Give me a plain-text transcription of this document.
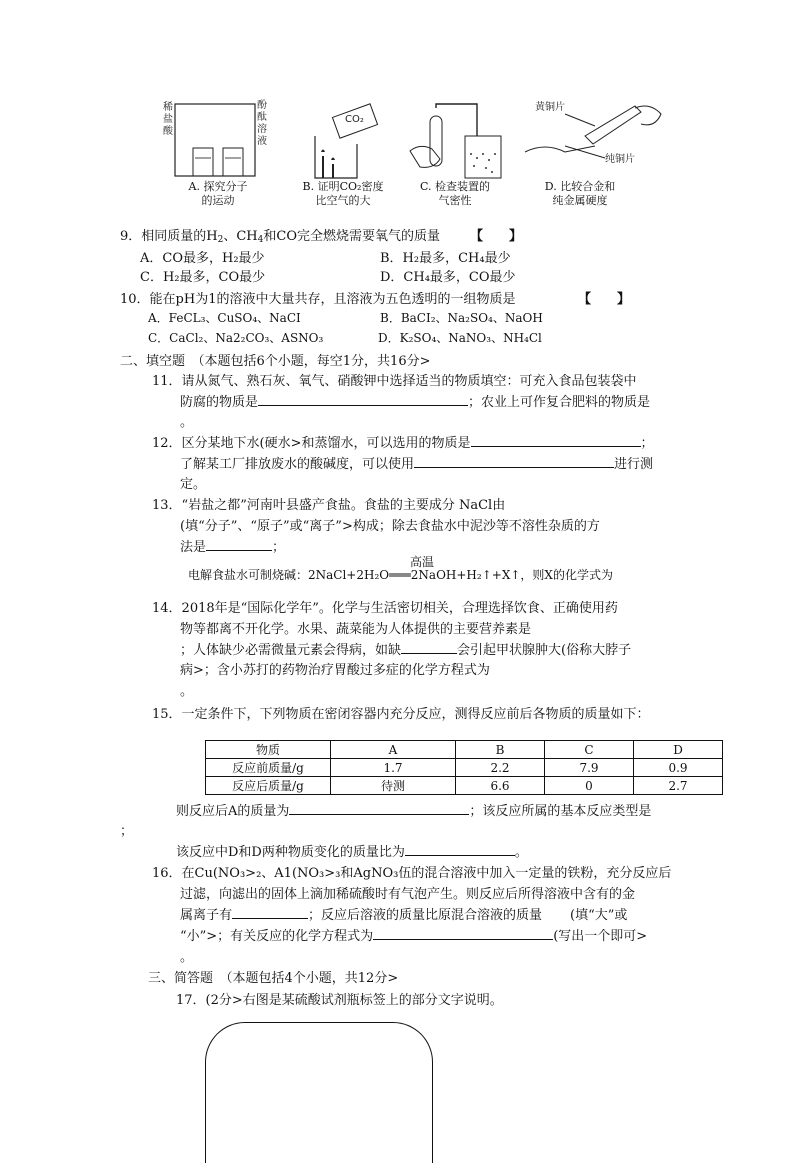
稀
盐
酸
酚
酞
溶
液
CO₂
黄铜片
纯铜片
A. 探究分子
的运动
B. 证明CO₂密度
比空气的大
C. 检查装置的
气密性
D. 比较合金和
纯金属硬度
9．相同质量的$H_2$、$CH_4$和CO完全燃烧需要氧气的质量 【　　】
A．CO最多，H₂最少	B．H₂最多，CH₄最少
C．H₂最多，CO最少	D．CH₄最多，CO最少
10．能在pH为1的溶液中大量共存，且溶液为五色透明的一组物质是	【　　】
A．FeCL₃、CuSO₄、NaCI	B．BaCI₂、Na₂SO₄、NaOH
C．CaCl₂、Na2₂CO₃、ASNO₃	D．K₂SO₄、NaNO₃、NH₄Cl
二、填空题　（本题包括6个小题，每空1分，共16分>
11．请从氮气、熟石灰、氧气、硝酸钾中选择适当的物质填空：可充入食品包装袋中
防腐的物质是	；农业上可作复合肥料的物质是
。
12．区分某地下水(硬水>和蒸馏水，可以选用的物质是	；
了解某工厂排放废水的酸碱度，可以使用	进行测
定。
13．“岩盐之都”河南叶县盛产食盐。食盐的主要成分 NaCl由
(填“分子”、“原子”或“离子”>构成；除去食盐水中泥沙等不溶性杂质的方
法是	；
高温
电解食盐水可制烧碱：2NaCl+2H₂O═══2NaOH+H₂↑+X↑，则X的化学式为
14．2018年是“国际化学年”。化学与生活密切相关，合理选择饮食、正确使用药
物等都离不开化学。水果、蔬菜能为人体提供的主要营养素是
；人体缺少必需微量元素会得病，如缺	会引起甲状腺肿大(俗称大脖子
病>；含小苏打的药物治疗胃酸过多症的化学方程式为
。
15．一定条件下，下列物质在密闭容器内充分反应，测得反应前后各物质的质量如下：
物质	A	B	C	D
反应前质量/g	1.7	2.2	7.9	0.9
反应后质量/g	待测	6.6	0	2.7
则反应后A的质量为	；该反应所属的基本反应类型是
；
该反应中D和D两种物质变化的质量比为	。
16．在Cu(NO₃>₂、A1(NO₃>₃和AgNO₃伍的混合溶液中加入一定量的铁粉，充分反应后
过滤，向滤出的固体上滴加稀硫酸时有气泡产生。则反应后所得溶液中含有的金
属离子有	；反应后溶液的质量比原混合溶液的质量 (填“大”或
“小”>；有关反应的化学方程式为	(写出一个即可>
。
三、简答题　（本题包括4个小题，共12分>
17．(2分>右图是某硫酸试剂瓶标签上的部分文字说明。
